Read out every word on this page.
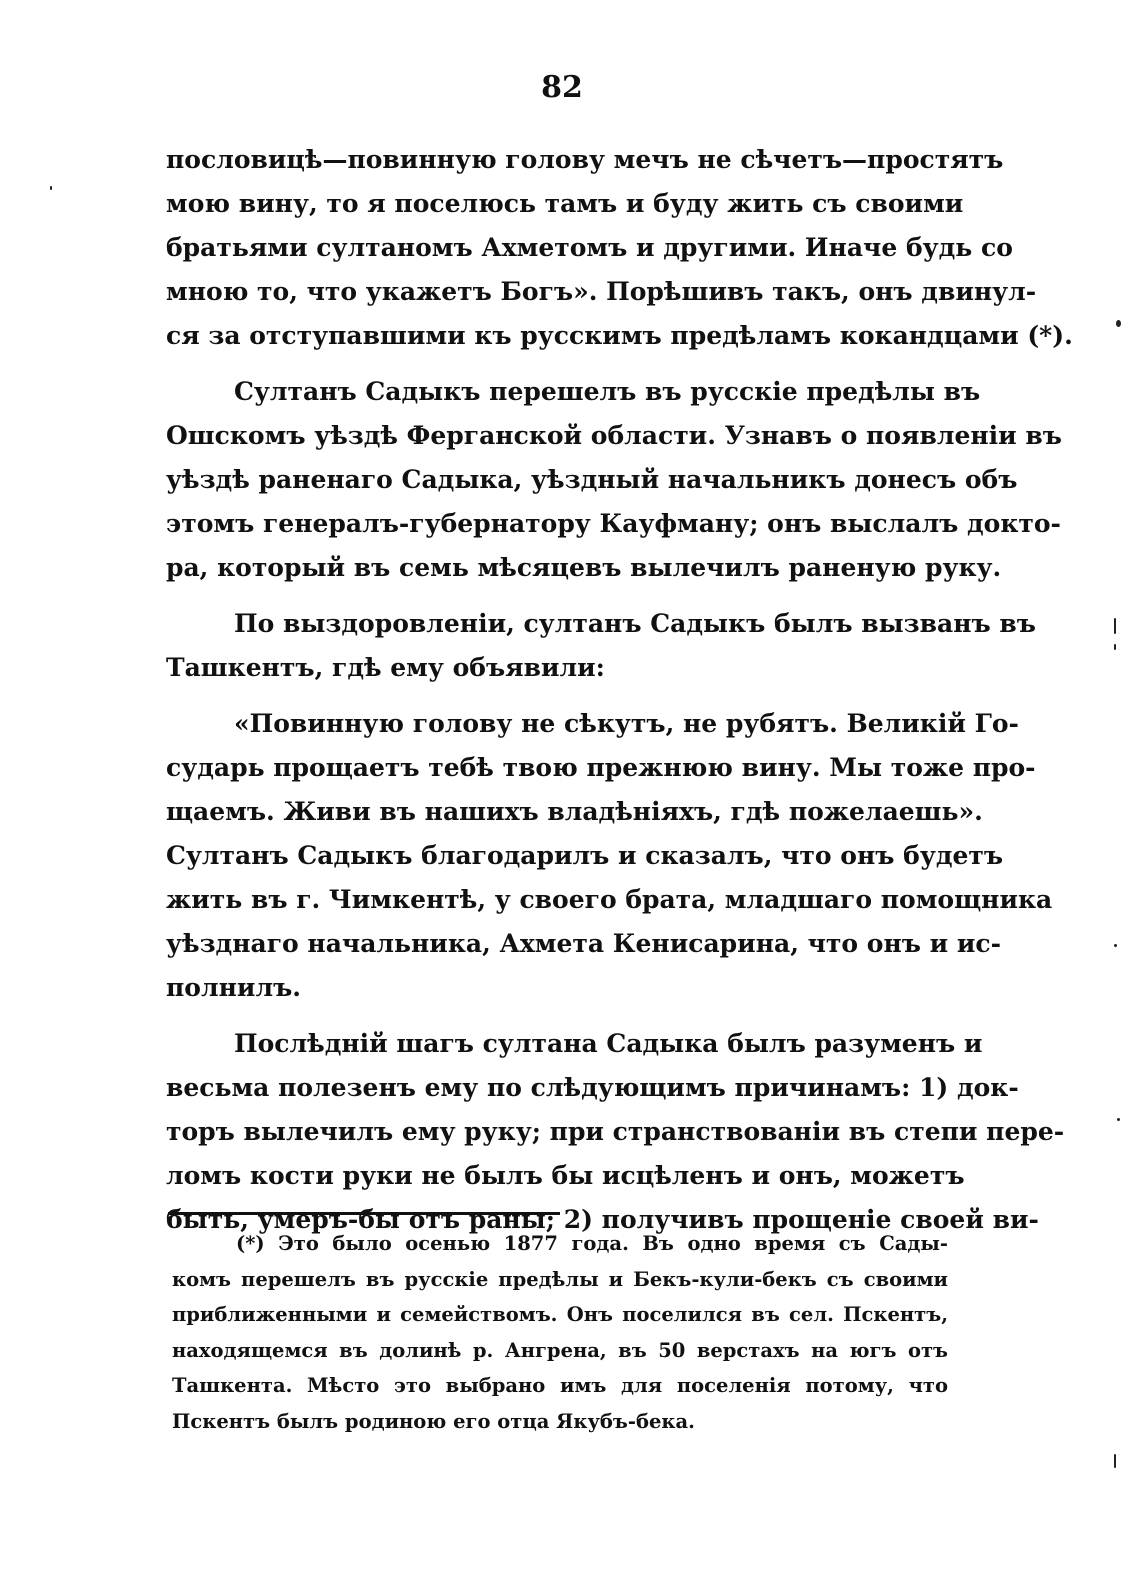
82
пословицѣ—повинную голову мечъ не сѣчетъ—простятъ
мою вину, то я поселюсь тамъ и буду жить съ своими
братьями султаномъ Ахметомъ и другими. Иначе будь со
мною то, что укажетъ Богъ». Порѣшивъ такъ, онъ двинул-
ся за отступавшими къ русскимъ предѣламъ кокандцами (*).
Султанъ Садыкъ перешелъ въ русскіе предѣлы въ
Ошскомъ уѣздѣ Ферганской области. Узнавъ о появленіи въ
уѣздѣ раненаго Садыка, уѣздный начальникъ донесъ объ
этомъ генералъ-губернатору Кауфману; онъ выслалъ докто-
ра, который въ семь мѣсяцевъ вылечилъ раненую руку.
По выздоровленіи, султанъ Садыкъ былъ вызванъ въ
Ташкентъ, гдѣ ему объявили:
«Повинную голову не сѣкутъ, не рубятъ. Великій Го-
сударь прощаетъ тебѣ твою прежнюю вину. Мы тоже про-
щаемъ. Живи въ нашихъ владѣніяхъ, гдѣ пожелаешь».
Султанъ Садыкъ благодарилъ и сказалъ, что онъ будетъ
жить въ г. Чимкентѣ, у своего брата, младшаго помощника
уѣзднаго начальника, Ахмета Кенисарина, что онъ и ис-
полнилъ.
Послѣдній шагъ султана Садыка былъ разуменъ и
весьма полезенъ ему по слѣдующимъ причинамъ: 1) док-
торъ вылечилъ ему руку; при странствованіи въ степи пере-
ломъ кости руки не былъ бы исцѣленъ и онъ, можетъ
быть, умеръ-бы отъ раны; 2) получивъ прощеніе своей ви-
(*) Это было осенью 1877 года. Въ одно время съ Сады-
комъ перешелъ въ русскіе предѣлы и Бекъ-кули-бекъ съ своими
приближенными и семействомъ. Онъ поселился въ сел. Пскентъ,
находящемся въ долинѣ р. Ангрена, въ 50 верстахъ на югъ отъ
Ташкента. Мѣсто это выбрано имъ для поселенія потому, что
Пскентъ былъ родиною его отца Якубъ-бека.
